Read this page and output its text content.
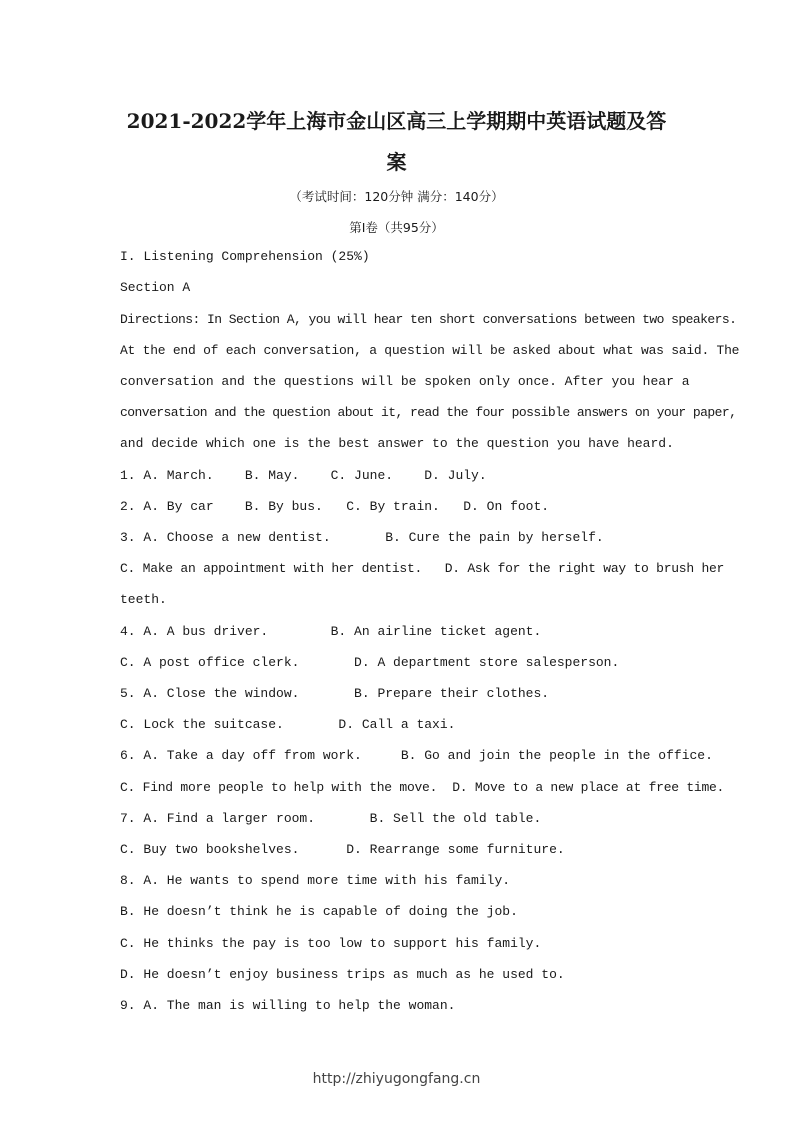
2021-2022学年上海市金山区高三上学期期中英语试题及答
案
（考试时间：120分钟 满分：140分）
第Ⅰ卷（共95分）
I. Listening Comprehension (25%)
Section A
Directions: In Section A, you will hear ten short conversations between two speakers.
At the end of each conversation, a question will be asked about what was said. The
conversation and the questions will be spoken only once. After you hear a
conversation and the question about it, read the four possible answers on your paper,
and decide which one is the best answer to the question you have heard.
1. A. March.    B. May.    C. June.    D. July.
2. A. By car    B. By bus.   C. By train.   D. On foot.
3. A. Choose a new dentist.       B. Cure the pain by herself.
C. Make an appointment with her dentist.   D. Ask for the right way to brush her
teeth.
4. A. A bus driver.        B. An airline ticket agent.
C. A post office clerk.       D. A department store salesperson.
5. A. Close the window.       B. Prepare their clothes.
C. Lock the suitcase.       D. Call a taxi.
6. A. Take a day off from work.     B. Go and join the people in the office.
C. Find more people to help with the move.  D. Move to a new place at free time.
7. A. Find a larger room.       B. Sell the old table.
C. Buy two bookshelves.      D. Rearrange some furniture.
8. A. He wants to spend more time with his family.
B. He doesn’t think he is capable of doing the job.
C. He thinks the pay is too low to support his family.
D. He doesn’t enjoy business trips as much as he used to.
9. A. The man is willing to help the woman.
http://zhiyugongfang.cn
